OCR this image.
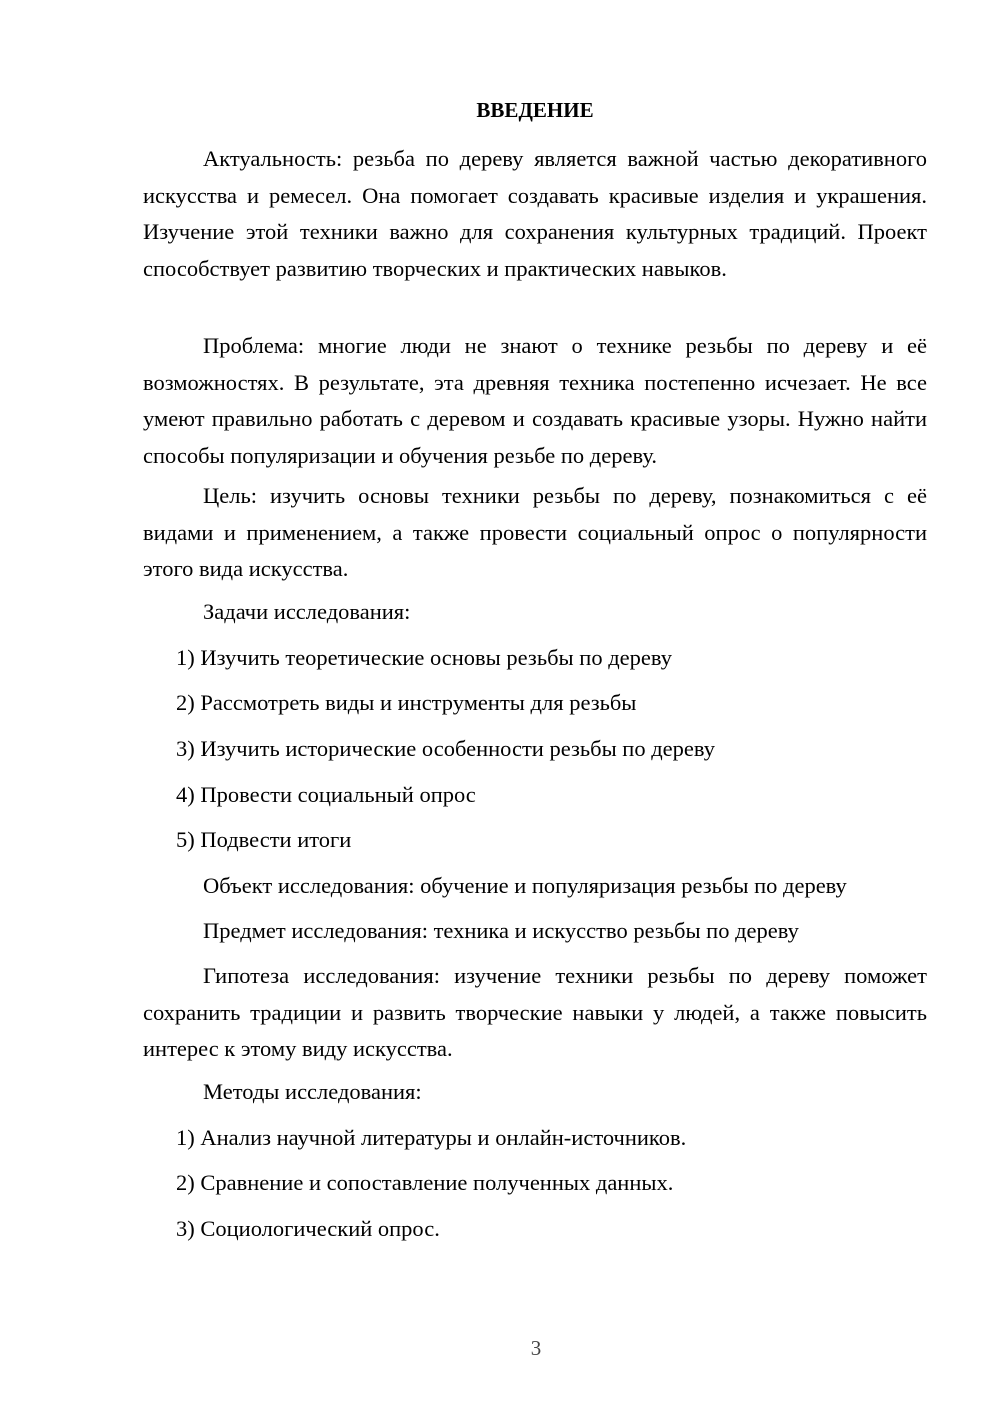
ВВЕДЕНИЕ

Актуальность: резьба по дереву является важной частью декоративного искусства и ремесел. Она помогает создавать красивые изделия и украшения. Изучение этой техники важно для сохранения культурных традиций. Проект способствует развитию творческих и практических навыков.

Проблема: многие люди не знают о технике резьбы по дереву и её возможностях. В результате, эта древняя техника постепенно исчезает. Не все умеют правильно работать с деревом и создавать красивые узоры. Нужно найти способы популяризации и обучения резьбе по дереву.

Цель: изучить основы техники резьбы по дереву, познакомиться с её видами и применением, а также провести социальный опрос о популярности этого вида искусства.

Задачи исследования:

1) Изучить теоретические основы резьбы по дереву

2) Рассмотреть виды и инструменты для резьбы

3) Изучить исторические особенности резьбы по дереву

4) Провести социальный опрос

5) Подвести итоги

Объект исследования: обучение и популяризация резьбы по дереву

Предмет исследования: техника и искусство резьбы по дереву

Гипотеза исследования: изучение техники резьбы по дереву поможет сохранить традиции и развить творческие навыки у людей, а также повысить интерес к этому виду искусства.

Методы исследования:

1) Анализ научной литературы и онлайн-источников.

2) Сравнение и сопоставление полученных данных.

3) Социологический опрос.

3
